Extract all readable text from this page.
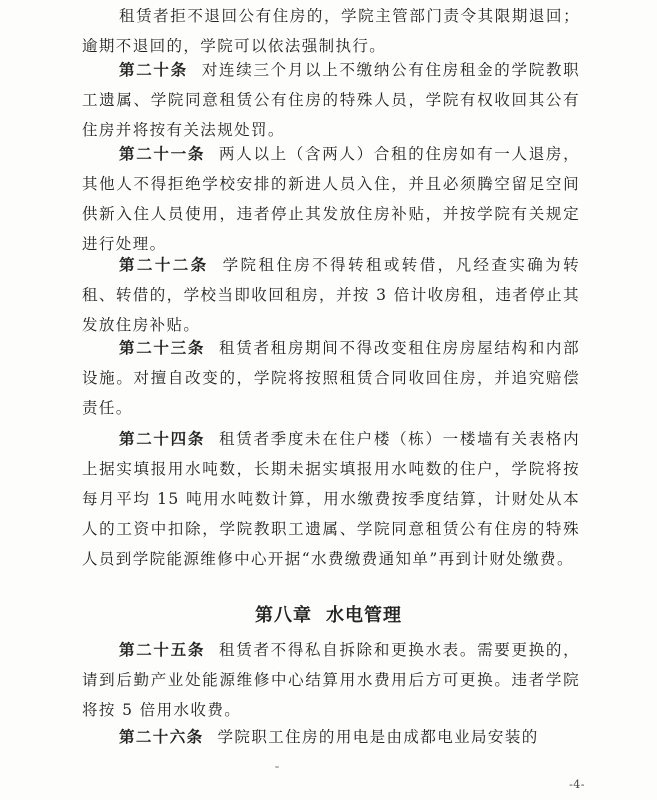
租赁者拒不退回公有住房的，学院主管部门责令其限期退回；逾期不退回的，学院可以依法强制执行。

第二十条 对连续三个月以上不缴纳公有住房租金的学院教职工遗属、学院同意租赁公有住房的特殊人员，学院有权收回其公有住房并将按有关法规处罚。

第二十一条 两人以上（含两人）合租的住房如有一人退房，其他人不得拒绝学校安排的新进人员入住，并且必须腾空留足空间供新入住人员使用，违者停止其发放住房补贴，并按学院有关规定进行处理。

第二十二条 学院租住房不得转租或转借，凡经查实确为转租、转借的，学校当即收回租房，并按 3 倍计收房租，违者停止其发放住房补贴。

第二十三条 租赁者租房期间不得改变租住房房屋结构和内部设施。对擅自改变的，学院将按照租赁合同收回住房，并追究赔偿责任。

第二十四条 租赁者季度未在住户楼（栋）一楼墙有关表格内上据实填报用水吨数，长期未据实填报用水吨数的住户，学院将按每月平均 15 吨用水吨数计算，用水缴费按季度结算，计财处从本人的工资中扣除，学院教职工遗属、学院同意租赁公有住房的特殊人员到学院能源维修中心开据“水费缴费通知单”再到计财处缴费。

第八章 水电管理

第二十五条 租赁者不得私自拆除和更换水表。需要更换的，请到后勤产业处能源维修中心结算用水费用后方可更换。违者学院将按 5 倍用水收费。

第二十六条 学院职工住房的用电是由成都电业局安装的

-4-
